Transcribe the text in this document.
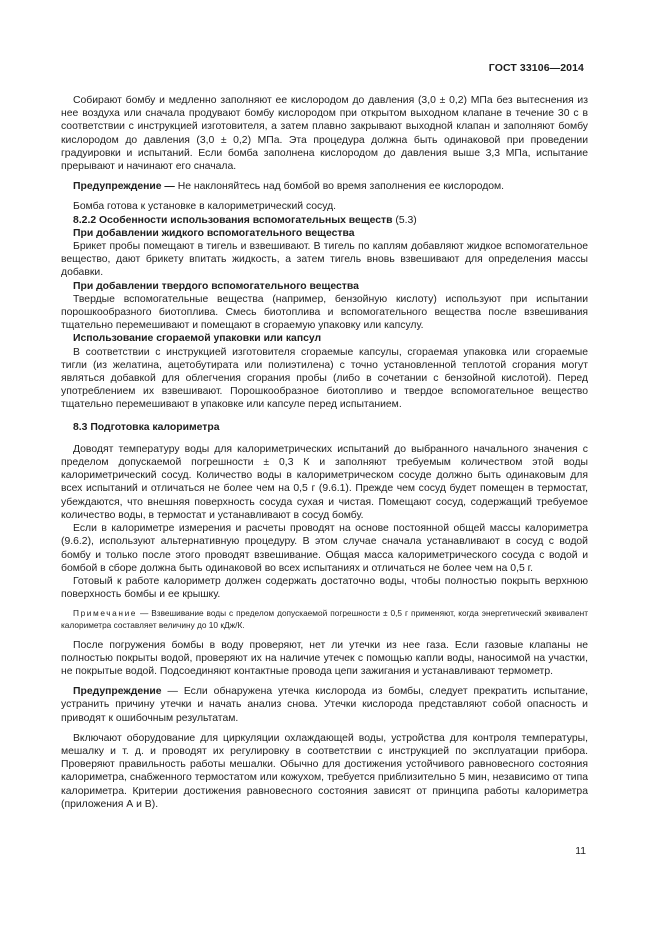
ГОСТ 33106—2014

Собирают бомбу и медленно заполняют ее кислородом до давления (3,0 ± 0,2) МПа без вытеснения из нее воздуха или сначала продувают бомбу кислородом при открытом выходном клапане в течение 30 с в соответствии с инструкцией изготовителя, а затем плавно закрывают выходной клапан и заполняют бомбу кислородом до давления (3,0 ± 0,2) МПа. Эта процедура должна быть одинаковой при проведении градуировки и испытаний. Если бомба заполнена кислородом до давления выше 3,3 МПа, испытание прерывают и начинают его сначала.

Предупреждение — Не наклоняйтесь над бомбой во время заполнения ее кислородом.

Бомба готова к установке в калориметрический сосуд.

8.2.2 Особенности использования вспомогательных веществ (5.3)

При добавлении жидкого вспомогательного вещества

Брикет пробы помещают в тигель и взвешивают. В тигель по каплям добавляют жидкое вспомогательное вещество, дают брикету впитать жидкость, а затем тигель вновь взвешивают для определения массы добавки.

При добавлении твердого вспомогательного вещества

Твердые вспомогательные вещества (например, бензойную кислоту) используют при испытании порошкообразного биотоплива. Смесь биотоплива и вспомогательного вещества после взвешивания тщательно перемешивают и помещают в сгораемую упаковку или капсулу.

Использование сгораемой упаковки или капсул

В соответствии с инструкцией изготовителя сгораемые капсулы, сгораемая упаковка или сгораемые тигли (из желатина, ацетобутирата или полиэтилена) с точно установленной теплотой сгорания могут являться добавкой для облегчения сгорания пробы (либо в сочетании с бензойной кислотой). Перед употреблением их взвешивают. Порошкообразное биотопливо и твердое вспомогательное вещество тщательно перемешивают в упаковке или капсуле перед испытанием.

8.3 Подготовка калориметра

Доводят температуру воды для калориметрических испытаний до выбранного начального значения с пределом допускаемой погрешности ± 0,3 К и заполняют требуемым количеством этой воды калориметрический сосуд. Количество воды в калориметрическом сосуде должно быть одинаковым для всех испытаний и отличаться не более чем на 0,5 г (9.6.1). Прежде чем сосуд будет помещен в термостат, убеждаются, что внешняя поверхность сосуда сухая и чистая. Помещают сосуд, содержащий требуемое количество воды, в термостат и устанавливают в сосуд бомбу.

Если в калориметре измерения и расчеты проводят на основе постоянной общей массы калориметра (9.6.2), используют альтернативную процедуру. В этом случае сначала устанавливают в сосуд с водой бомбу и только после этого проводят взвешивание. Общая масса калориметрического сосуда с водой и бомбой в сборе должна быть одинаковой во всех испытаниях и отличаться не более чем на 0,5 г.

Готовый к работе калориметр должен содержать достаточно воды, чтобы полностью покрыть верхнюю поверхность бомбы и ее крышку.

Примечание — Взвешивание воды с пределом допускаемой погрешности ± 0,5 г применяют, когда энергетический эквивалент калориметра составляет величину до 10 кДж/К.

После погружения бомбы в воду проверяют, нет ли утечки из нее газа. Если газовые клапаны не полностью покрыты водой, проверяют их на наличие утечек с помощью капли воды, наносимой на участки, не покрытые водой. Подсоединяют контактные провода цепи зажигания и устанавливают термометр.

Предупреждение — Если обнаружена утечка кислорода из бомбы, следует прекратить испытание, устранить причину утечки и начать анализ снова. Утечки кислорода представляют собой опасность и приводят к ошибочным результатам.

Включают оборудование для циркуляции охлаждающей воды, устройства для контроля температуры, мешалку и т. д. и проводят их регулировку в соответствии с инструкцией по эксплуатации прибора. Проверяют правильность работы мешалки. Обычно для достижения устойчивого равновесного состояния калориметра, снабженного термостатом или кожухом, требуется приблизительно 5 мин, независимо от типа калориметра. Критерии достижения равновесного состояния зависят от принципа работы калориметра (приложения А и В).

11
